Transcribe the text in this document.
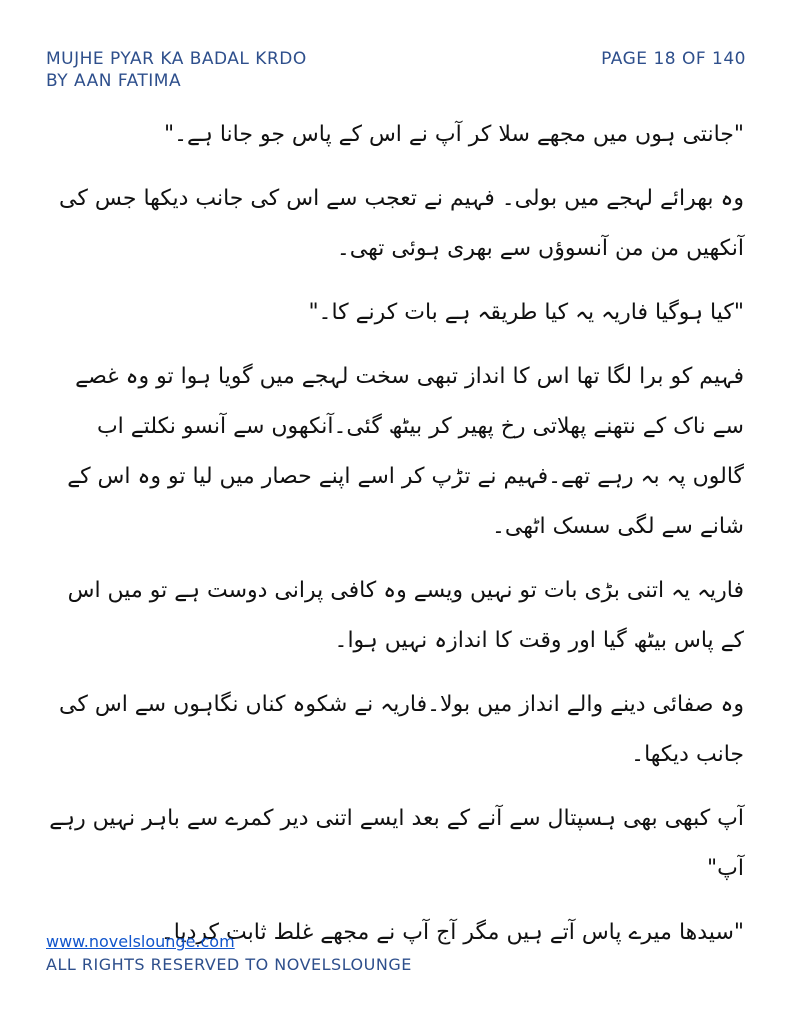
MUJHE PYAR KA BADAL KRDO
BY AAN FATIMA
PAGE 18 OF 140

"جانتی ہوں میں مجھے سلا کر آپ نے اس کے پاس جو جانا ہے۔"

وہ بھرائے لہجے میں بولی۔ فہیم نے تعجب سے اس کی جانب دیکھا جس کی آنکھیں من من آنسوؤں سے بھری ہوئی تھی۔

"کیا ہوگیا فاریہ یہ کیا طریقہ ہے بات کرنے کا۔"

فہیم کو برا لگا تھا اس کا انداز تبھی سخت لہجے میں گویا ہوا تو وہ غصے سے ناک کے نتھنے پھلاتی رخ پھیر کر بیٹھ گئی۔آنکھوں سے آنسو نکلتے اب گالوں پہ بہ رہے تھے۔فہیم نے تڑپ کر اسے اپنے حصار میں لیا تو وہ اس کے شانے سے لگی سسک اٹھی۔

فاریہ یہ اتنی بڑی بات تو نہیں ویسے وہ کافی پرانی دوست ہے تو میں اس کے پاس بیٹھ گیا اور وقت کا اندازہ نہیں ہوا۔

وہ صفائی دینے والے انداز میں بولا۔فاریہ نے شکوہ کناں نگاہوں سے اس کی جانب دیکھا۔

آپ کبھی بھی ہسپتال سے آنے کے بعد ایسے اتنی دیر کمرے سے باہر نہیں رہے آپ"

"سیدھا میرے پاس آتے ہیں مگر آج آپ نے مجھے غلط ثابت کردیا۔

www.novelslounge.com
ALL RIGHTS RESERVED TO NOVELSLOUNGE
